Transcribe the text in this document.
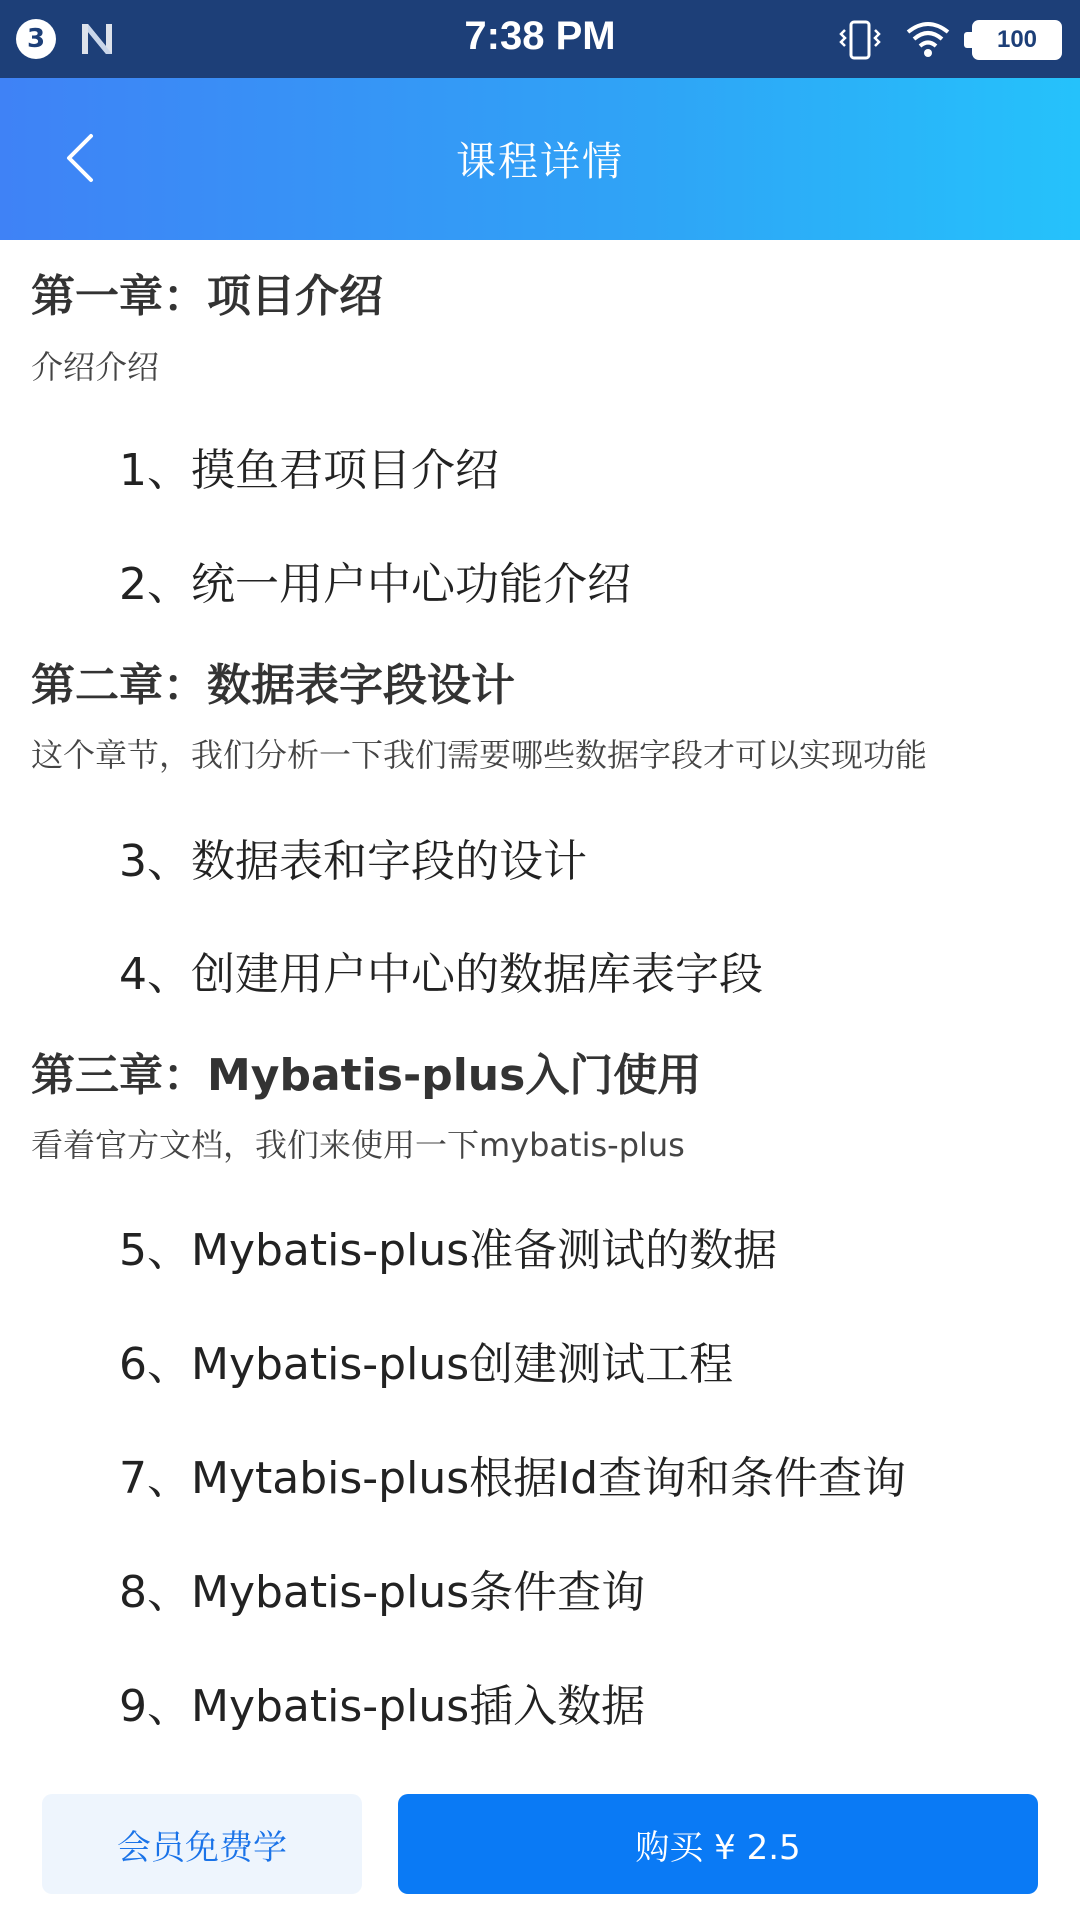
3	7:38 PM	100
课程详情
第一章：项目介绍
介绍介绍
1、摸鱼君项目介绍
2、统一用户中心功能介绍
第二章：数据表字段设计
这个章节，我们分析一下我们需要哪些数据字段才可以实现功能
3、数据表和字段的设计
4、创建用户中心的数据库表字段
第三章：Mybatis-plus入门使用
看着官方文档，我们来使用一下mybatis-plus
5、Mybatis-plus准备测试的数据
6、Mybatis-plus创建测试工程
7、Mytabis-plus根据Id查询和条件查询
8、Mybatis-plus条件查询
9、Mybatis-plus插入数据
会员免费学	购买 ¥ 2.5
